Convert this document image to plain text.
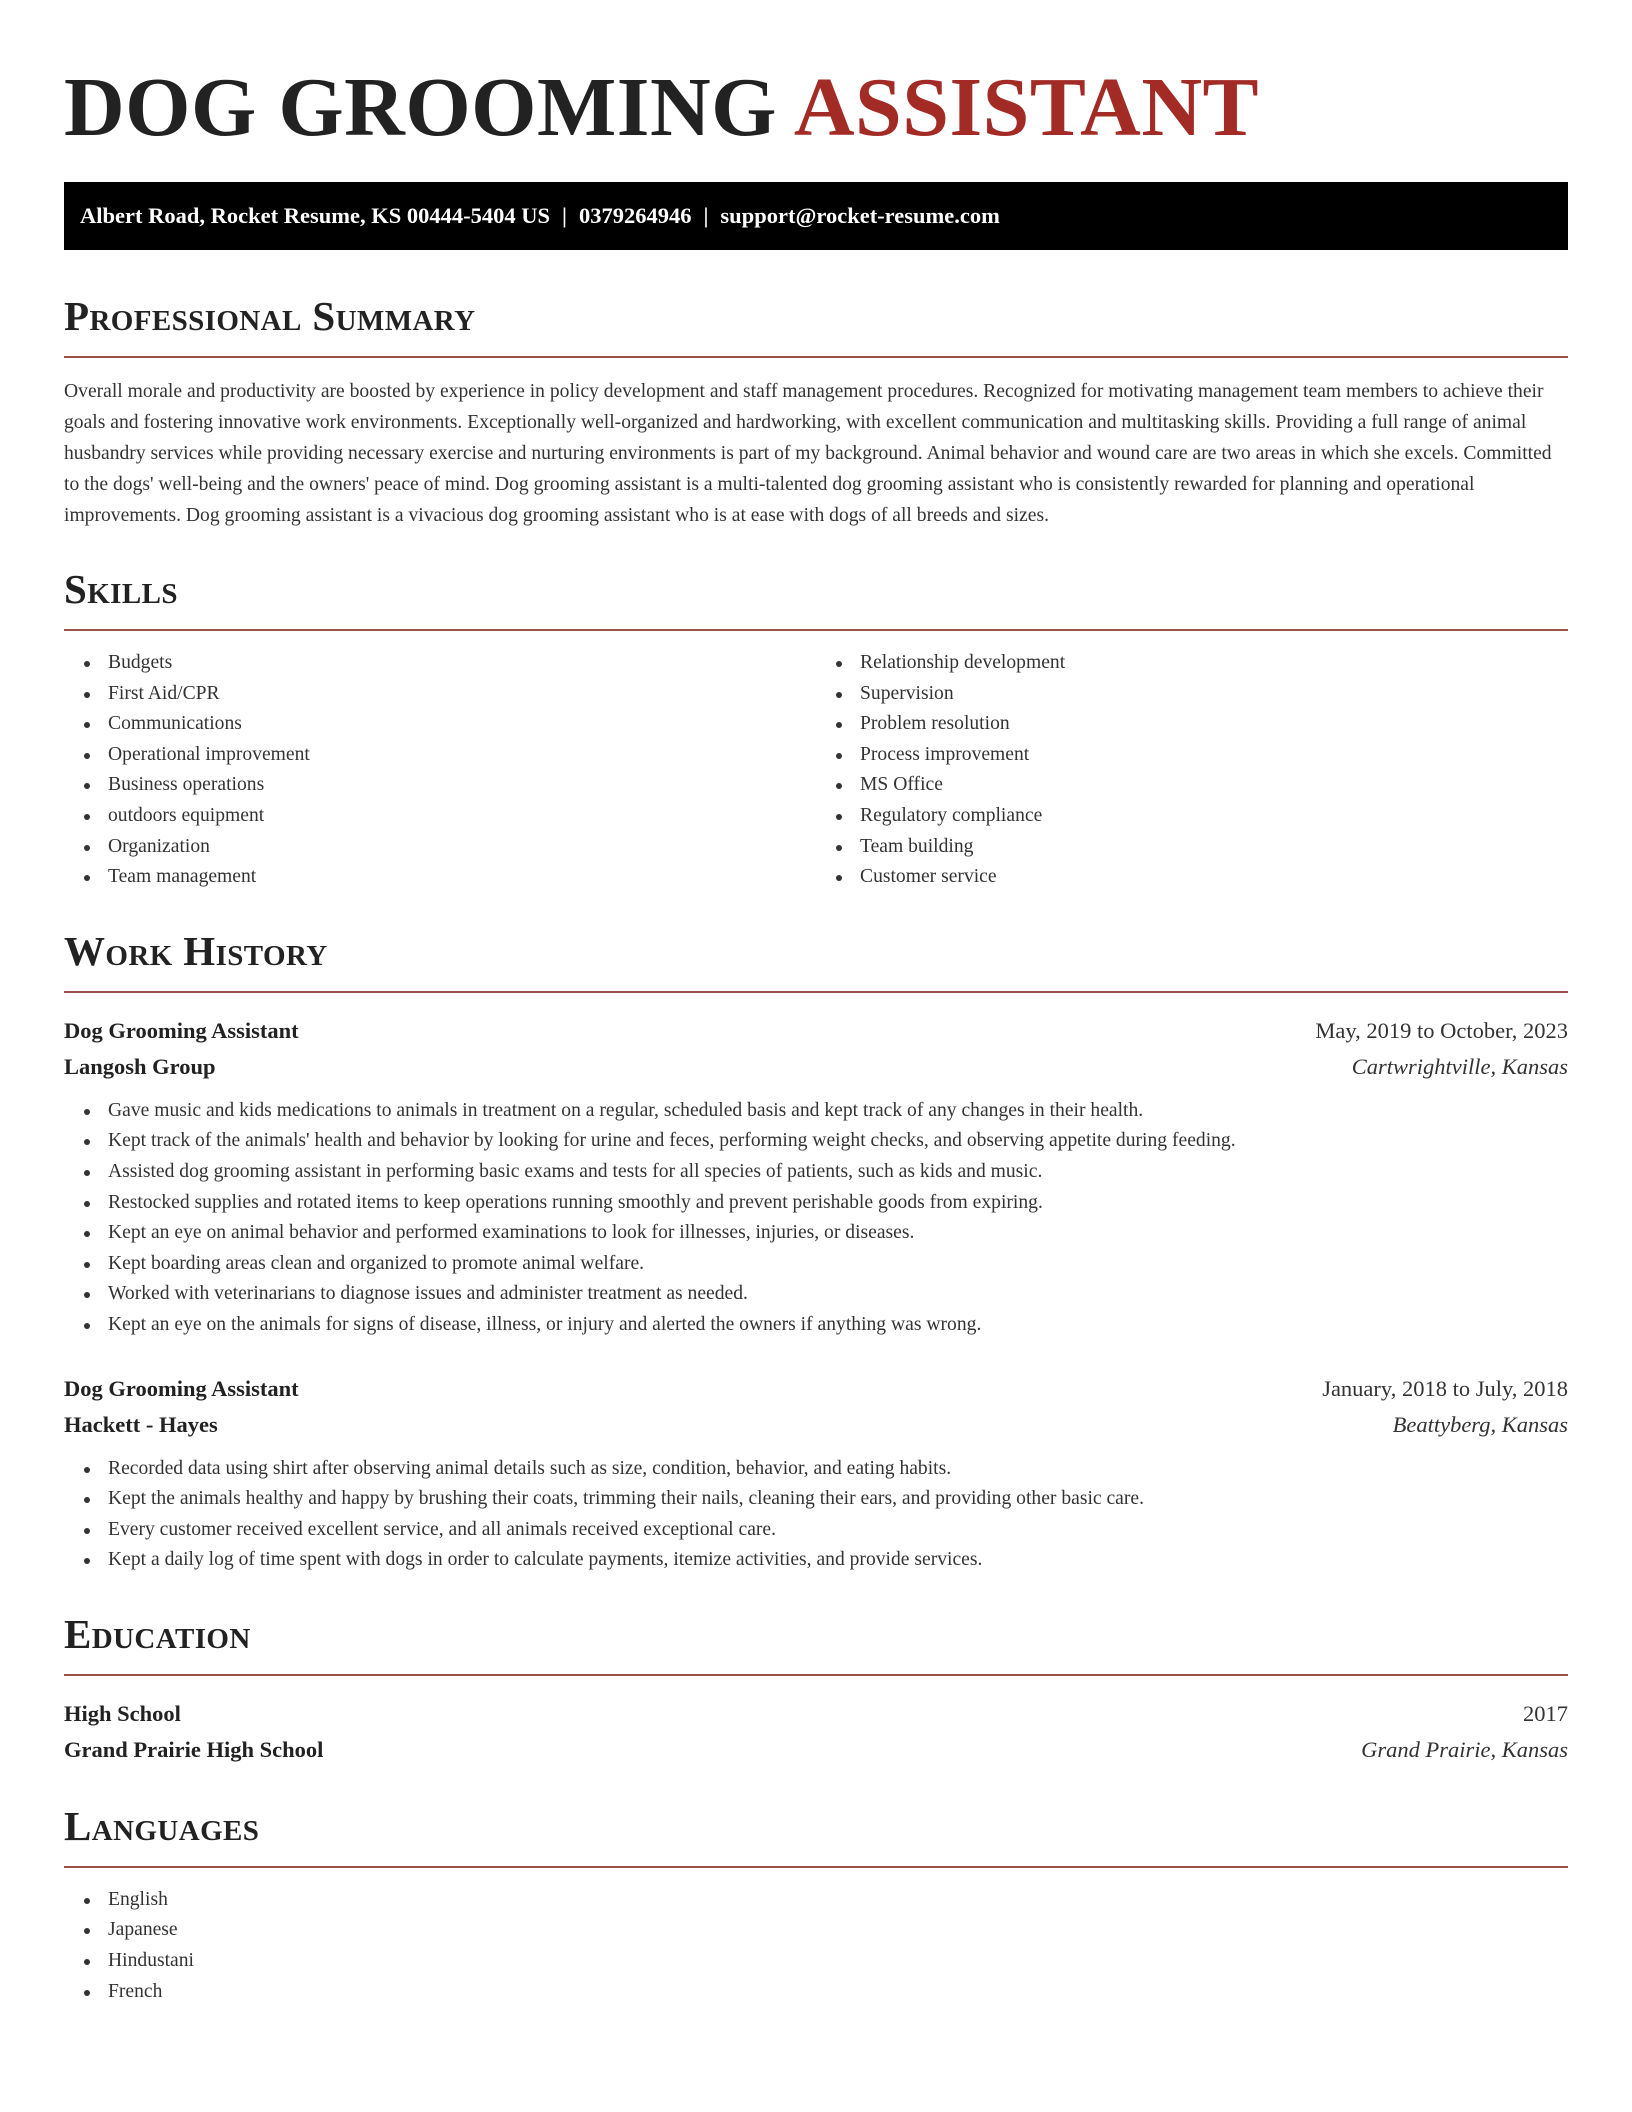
DOG GROOMING ASSISTANT
Albert Road, Rocket Resume, KS 00444-5404 US | 0379264946 | support@rocket-resume.com
Professional Summary

Overall morale and productivity are boosted by experience in policy development and staff management procedures. Recognized for motivating management team members to achieve their goals and fostering innovative work environments. Exceptionally well-organized and hardworking, with excellent communication and multitasking skills. Providing a full range of animal husbandry services while providing necessary exercise and nurturing environments is part of my background. Animal behavior and wound care are two areas in which she excels. Committed to the dogs' well-being and the owners' peace of mind. Dog grooming assistant is a multi-talented dog grooming assistant who is consistently rewarded for planning and operational improvements. Dog grooming assistant is a vivacious dog grooming assistant who is at ease with dogs of all breeds and sizes.

Skills
Budgets
First Aid/CPR
Communications
Operational improvement
Business operations
outdoors equipment
Organization
Team management
Relationship development
Supervision
Problem resolution
Process improvement
MS Office
Regulatory compliance
Team building
Customer service
Work History
Dog Grooming Assistant	May, 2019 to October, 2023
Langosh Group	Cartwrightville, Kansas
Gave music and kids medications to animals in treatment on a regular, scheduled basis and kept track of any changes in their health.
Kept track of the animals' health and behavior by looking for urine and feces, performing weight checks, and observing appetite during feeding.
Assisted dog grooming assistant in performing basic exams and tests for all species of patients, such as kids and music.
Restocked supplies and rotated items to keep operations running smoothly and prevent perishable goods from expiring.
Kept an eye on animal behavior and performed examinations to look for illnesses, injuries, or diseases.
Kept boarding areas clean and organized to promote animal welfare.
Worked with veterinarians to diagnose issues and administer treatment as needed.
Kept an eye on the animals for signs of disease, illness, or injury and alerted the owners if anything was wrong.
Dog Grooming Assistant	January, 2018 to July, 2018
Hackett - Hayes	Beattyberg, Kansas
Recorded data using shirt after observing animal details such as size, condition, behavior, and eating habits.
Kept the animals healthy and happy by brushing their coats, trimming their nails, cleaning their ears, and providing other basic care.
Every customer received excellent service, and all animals received exceptional care.
Kept a daily log of time spent with dogs in order to calculate payments, itemize activities, and provide services.
Education
High School	2017
Grand Prairie High School	Grand Prairie, Kansas
Languages
English
Japanese
Hindustani
French
